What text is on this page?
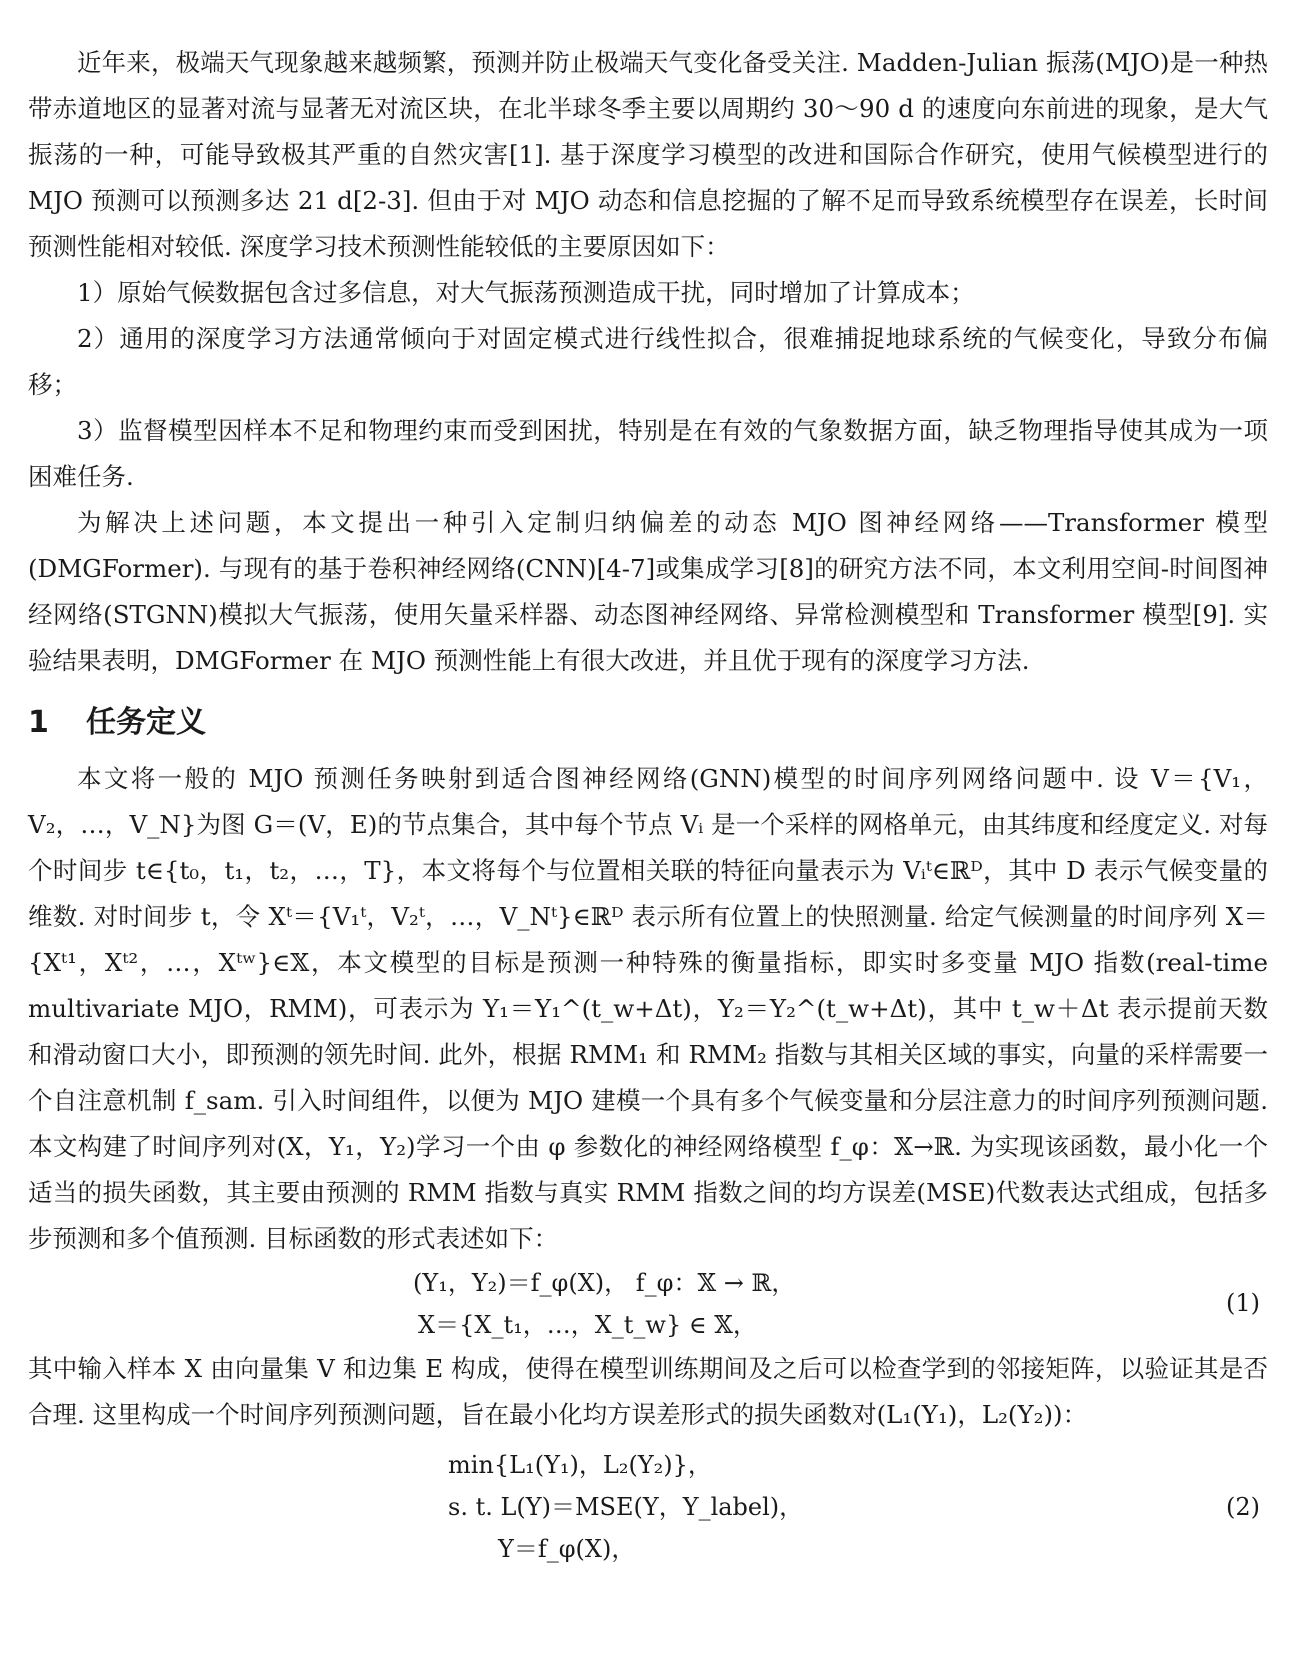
近年来，极端天气现象越来越频繁，预测并防止极端天气变化备受关注. Madden-Julian 振荡(MJO)是一种热带赤道地区的显著对流与显著无对流区块，在北半球冬季主要以周期约 30～90 d 的速度向东前进的现象，是大气振荡的一种，可能导致极其严重的自然灾害[1]. 基于深度学习模型的改进和国际合作研究，使用气候模型进行的 MJO 预测可以预测多达 21 d[2-3]. 但由于对 MJO 动态和信息挖掘的了解不足而导致系统模型存在误差，长时间预测性能相对较低. 深度学习技术预测性能较低的主要原因如下：

1）原始气候数据包含过多信息，对大气振荡预测造成干扰，同时增加了计算成本；

2）通用的深度学习方法通常倾向于对固定模式进行线性拟合，很难捕捉地球系统的气候变化，导致分布偏移；

3）监督模型因样本不足和物理约束而受到困扰，特别是在有效的气象数据方面，缺乏物理指导使其成为一项困难任务.

为解决上述问题，本文提出一种引入定制归纳偏差的动态 MJO 图神经网络——Transformer 模型(DMGFormer). 与现有的基于卷积神经网络(CNN)[4-7]或集成学习[8]的研究方法不同，本文利用空间-时间图神经网络(STGNN)模拟大气振荡，使用矢量采样器、动态图神经网络、异常检测模型和 Transformer 模型[9]. 实验结果表明，DMGFormer 在 MJO 预测性能上有很大改进，并且优于现有的深度学习方法.

1 任务定义

本文将一般的 MJO 预测任务映射到适合图神经网络(GNN)模型的时间序列网络问题中. 设 V＝{V₁，V₂，…，V_N}为图 G＝(V，E)的节点集合，其中每个节点 Vᵢ 是一个采样的网格单元，由其纬度和经度定义. 对每个时间步 t∈{t₀，t₁，t₂，…，T}，本文将每个与位置相关联的特征向量表示为 Vᵢᵗ∈ℝᴰ，其中 D 表示气候变量的维数. 对时间步 t，令 Xᵗ＝{V₁ᵗ，V₂ᵗ，…，V_Nᵗ}∈ℝᴰ 表示所有位置上的快照测量. 给定气候测量的时间序列 X＝{Xᵗ¹，Xᵗ²，…，Xᵗʷ}∈𝕏，本文模型的目标是预测一种特殊的衡量指标，即实时多变量 MJO 指数(real-time multivariate MJO，RMM)，可表示为 Y₁＝Y₁^(t_w+Δt)，Y₂＝Y₂^(t_w+Δt)，其中 t_w＋Δt 表示提前天数和滑动窗口大小，即预测的领先时间. 此外，根据 RMM₁ 和 RMM₂ 指数与其相关区域的事实，向量的采样需要一个自注意机制 f_sam. 引入时间组件，以便为 MJO 建模一个具有多个气候变量和分层注意力的时间序列预测问题. 本文构建了时间序列对(X，Y₁，Y₂)学习一个由 φ 参数化的神经网络模型 f_φ：𝕏→ℝ. 为实现该函数，最小化一个适当的损失函数，其主要由预测的 RMM 指数与真实 RMM 指数之间的均方误差(MSE)代数表达式组成，包括多步预测和多个值预测. 目标函数的形式表述如下：

(Y₁，Y₂)＝f_φ(X)， f_φ：𝕏 → ℝ，
X＝{X_t₁，…，X_t_w} ∈ 𝕏，
(1)

其中输入样本 X 由向量集 V 和边集 E 构成，使得在模型训练期间及之后可以检查学到的邻接矩阵，以验证其是否合理. 这里构成一个时间序列预测问题，旨在最小化均方误差形式的损失函数对(L₁(Y₁)，L₂(Y₂))：

min{L₁(Y₁)，L₂(Y₂)}，
s. t. L(Y)＝MSE(Y，Y_label)，
Y＝f_φ(X)，
(2)
